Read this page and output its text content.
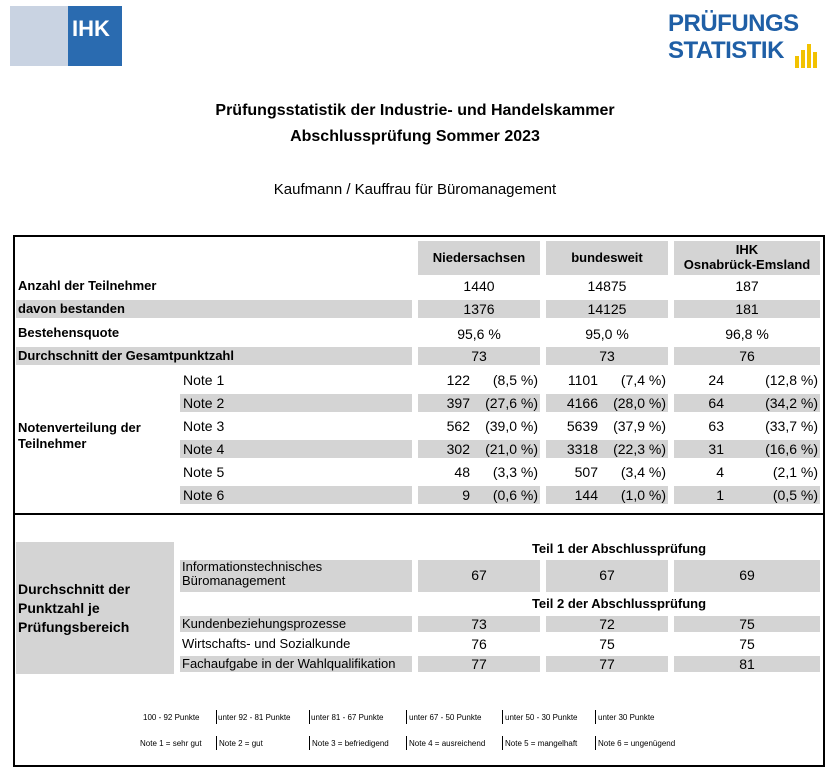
IHK	PRÜFUNGS
STATISTIK
Prüfungsstatistik der Industrie- und Handelskammer
Abschlussprüfung Sommer 2023
Kaufmann / Kauffrau für Büromanagement
Niedersachsen	bundesweit
IHK
Osnabrück-Emsland
Anzahl der Teilnehmer	1440	14875	187
davon bestanden	1376	14125	181
Bestehensquote	95,6 %	95,0 %	96,8 %
Durchschnitt der Gesamtpunktzahl	73	73	76
Notenverteilung der
Teilnehmer
Note 1	122	(8,5 %)	1101	(7,4 %)	24	(12,8 %)
Note 2	397	(27,6 %)	4166	(28,0 %)	64	(34,2 %)
Note 3	562	(39,0 %)	5639	(37,9 %)	63	(33,7 %)
Note 4	302	(21,0 %)	3318	(22,3 %)	31	(16,6 %)
Note 5	48	(3,3 %)	507	(3,4 %)	4	(2,1 %)
Note 6	9	(0,6 %)	144	(1,0 %)	1	(0,5 %)
Durchschnitt der
Punktzahl je
Prüfungsbereich
Teil 1 der Abschlussprüfung
Informationstechnisches
Büromanagement	67	67	69
Teil 2 der Abschlussprüfung
Kundenbeziehungsprozesse	73	72	75
Wirtschafts- und Sozialkunde	76	75	75
Fachaufgabe in der Wahlqualifikation	77	77	81
100 - 92 Punkte unter 92 - 81 Punkte	unter 81 - 67 Punkte	unter 67 - 50 Punkte	unter 50 - 30 Punkte	unter 30 Punkte
Note 1 = sehr gut Note 2 = gut	Note 3 = befriedigend	Note 4 = ausreichend Note 5 = mangelhaft	Note 6 = ungenügend
